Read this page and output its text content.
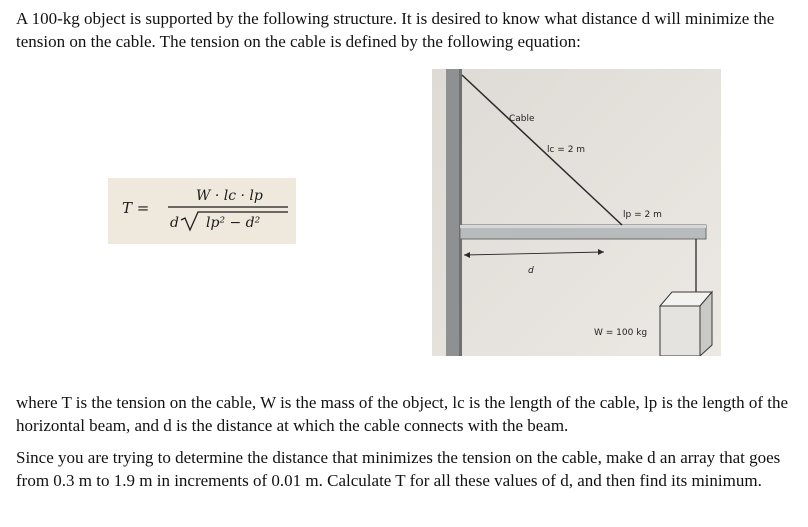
A 100-kg object is supported by the following structure. It is desired to know what distance d will minimize the tension on the cable. The tension on the cable is defined by the following equation:
T =
W · lc · lp
d lp² − d²
Cable
lc = 2 m
lp = 2 m
d
W = 100 kg
where T is the tension on the cable, W is the mass of the object, lc is the length of the cable, lp is the length of the horizontal beam, and d is the distance at which the cable connects with the beam.
Since you are trying to determine the distance that minimizes the tension on the cable, make d an array that goes from 0.3 m to 1.9 m in increments of 0.01 m. Calculate T for all these values of d, and then find its minimum.
